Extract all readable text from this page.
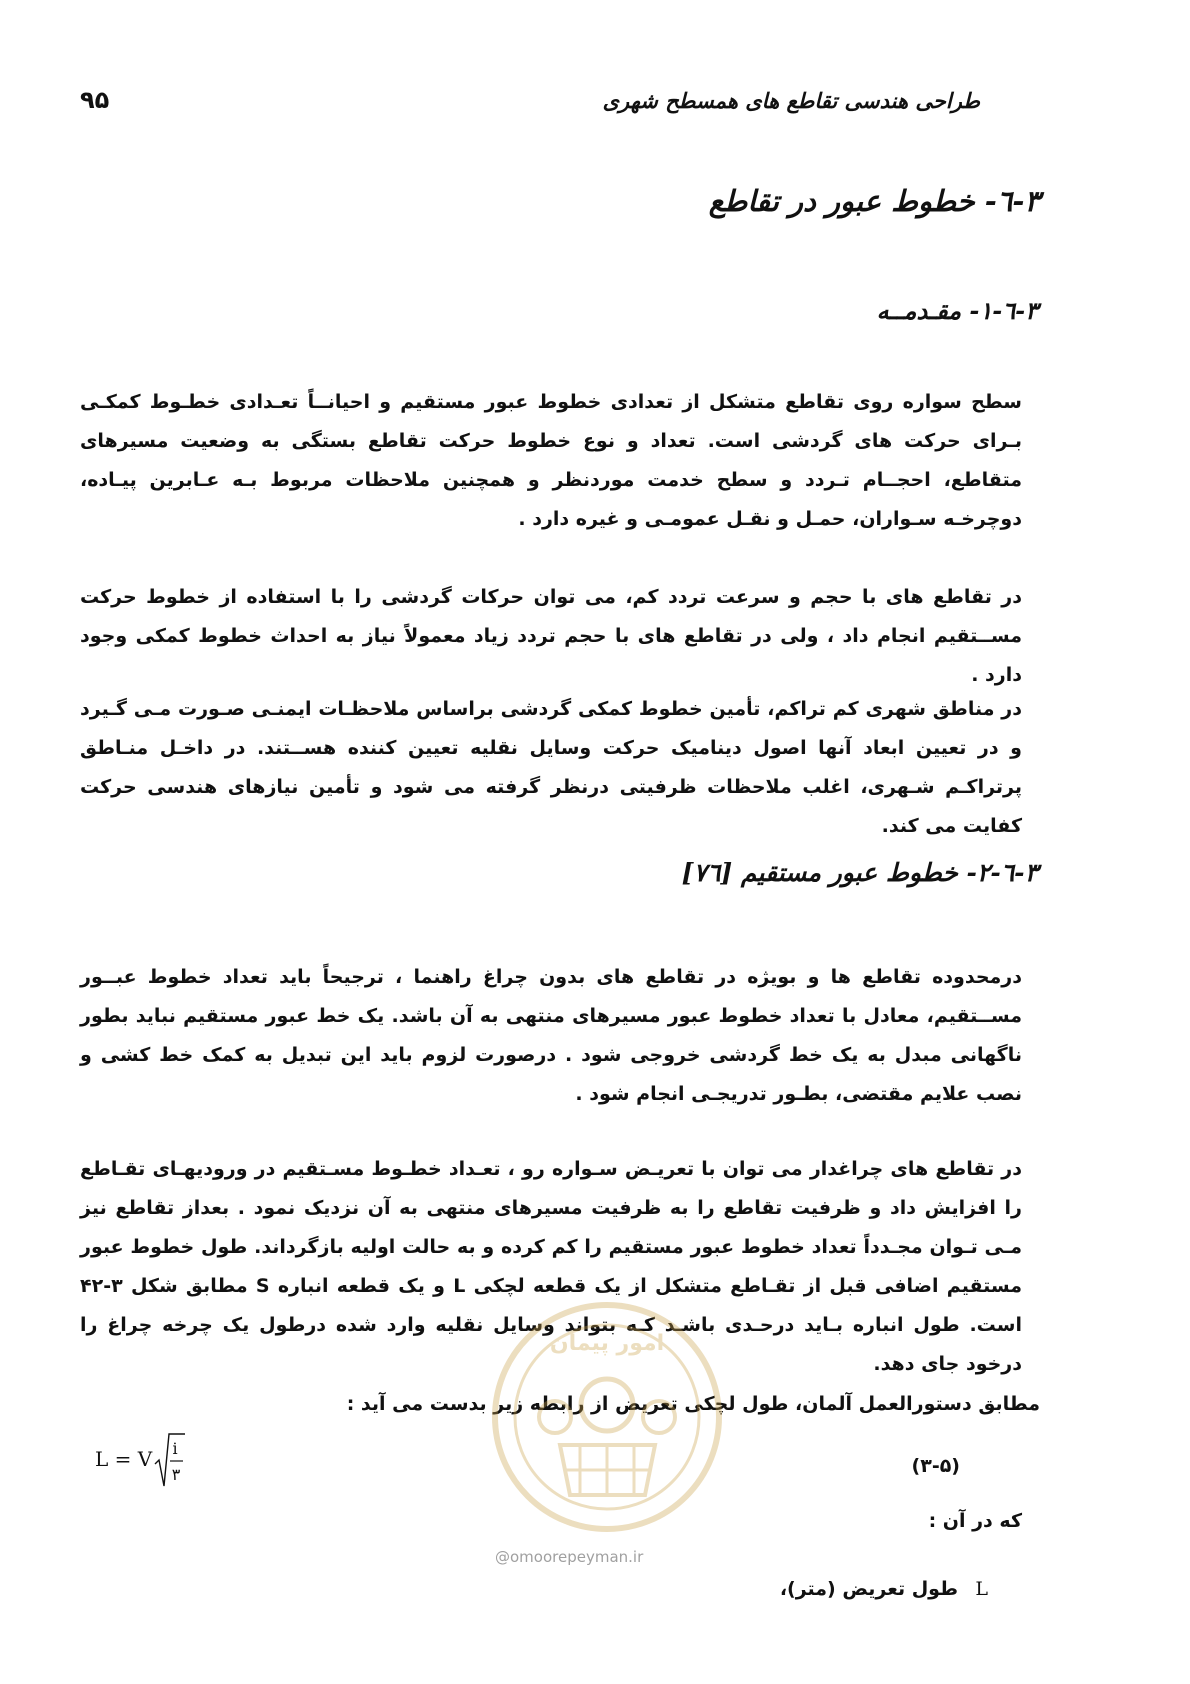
۹۵	طراحی هندسی تقاطع های همسطح شهری
۳-٦- خطوط عبور در تقاطع
۳-٦-۱- مقـدمــه

سطح سواره روی تقاطع متشکل از تعدادی خطوط عبور مستقیم و احیانــاً تعـدادی خطـوط کمکـی بـرای حرکت های گردشی است. تعداد و نوع خطوط حرکت تقاطع بستگی به وضعیت مسیرهای متقاطع، احجــام تـردد و سطح خدمت موردنظر و همچنین ملاحظات مربوط بـه عـابرین پیـاده، دوچرخـه سـواران، حمـل و نقـل عمومـی و غیره دارد .

در تقاطع های با حجم و سرعت تردد کم، می توان حرکات گردشی را با استفاده از خطوط حرکت مســتقیم انجام داد ، ولی در تقاطع های با حجم تردد زیاد معمولاً نیاز به احداث خطوط کمکی وجود دارد .

در مناطق شهری کم تراکم، تأمین خطوط کمکی گردشی براساس ملاحظـات ایمنـی صـورت مـی گـیرد و در تعیین ابعاد آنها اصول دینامیک حرکت وسایل نقلیه تعیین کننده هســتند. در داخـل منـاطق پرتراکـم شـهری، اغلب ملاحظات ظرفیتی درنظر گرفته می شود و تأمین نیازهای هندسی حرکت کفایت می کند.

۳-٦-۲- خطوط عبور مستقیم [۷٦]

درمحدوده تقاطع ها و بویژه در تقاطع های بدون چراغ راهنما ، ترجیحاً باید تعداد خطوط عبــور مســتقیم، معادل با تعداد خطوط عبور مسیرهای منتهی به آن باشد. یک خط عبور مستقیم نباید بطور ناگهانی مبدل به یک خط گردشی خروجی شود . درصورت لزوم باید این تبدیل به کمک خط کشی و نصب علایم مقتضی، بطـور تدریجـی انجام شود .

در تقاطع های چراغدار می توان با تعریـض سـواره رو ، تعـداد خطـوط مسـتقیم در ورودیهـای تقـاطع را افزایش داد و ظرفیت تقاطع را به ظرفیت مسیرهای منتهی به آن نزدیک نمود . بعداز تقاطع نیز مـی تـوان مجـدداً تعداد خطوط عبور مستقیم را کم کرده و به حالت اولیه بازگرداند. طول خطوط عبور مستقیم اضافی قبل از تقـاطع متشکل از یک قطعه لچکی L و یک قطعه انباره S مطابق شکل ۳-۴۲ است. طول انباره بـاید درحـدی باشـد کـه بتواند وسایل نقلیه وارد شده درطول یک چرخه چراغ را درخود جای دهد.

مطابق دستورالعمل آلمان، طول لچکی تعریض از رابطه زیر بدست می آید :
L = V i
۳	(۳-۵)
که در آن :
L
طول تعریض (متر)،
امور پیمان
@omoorepeyman.ir
